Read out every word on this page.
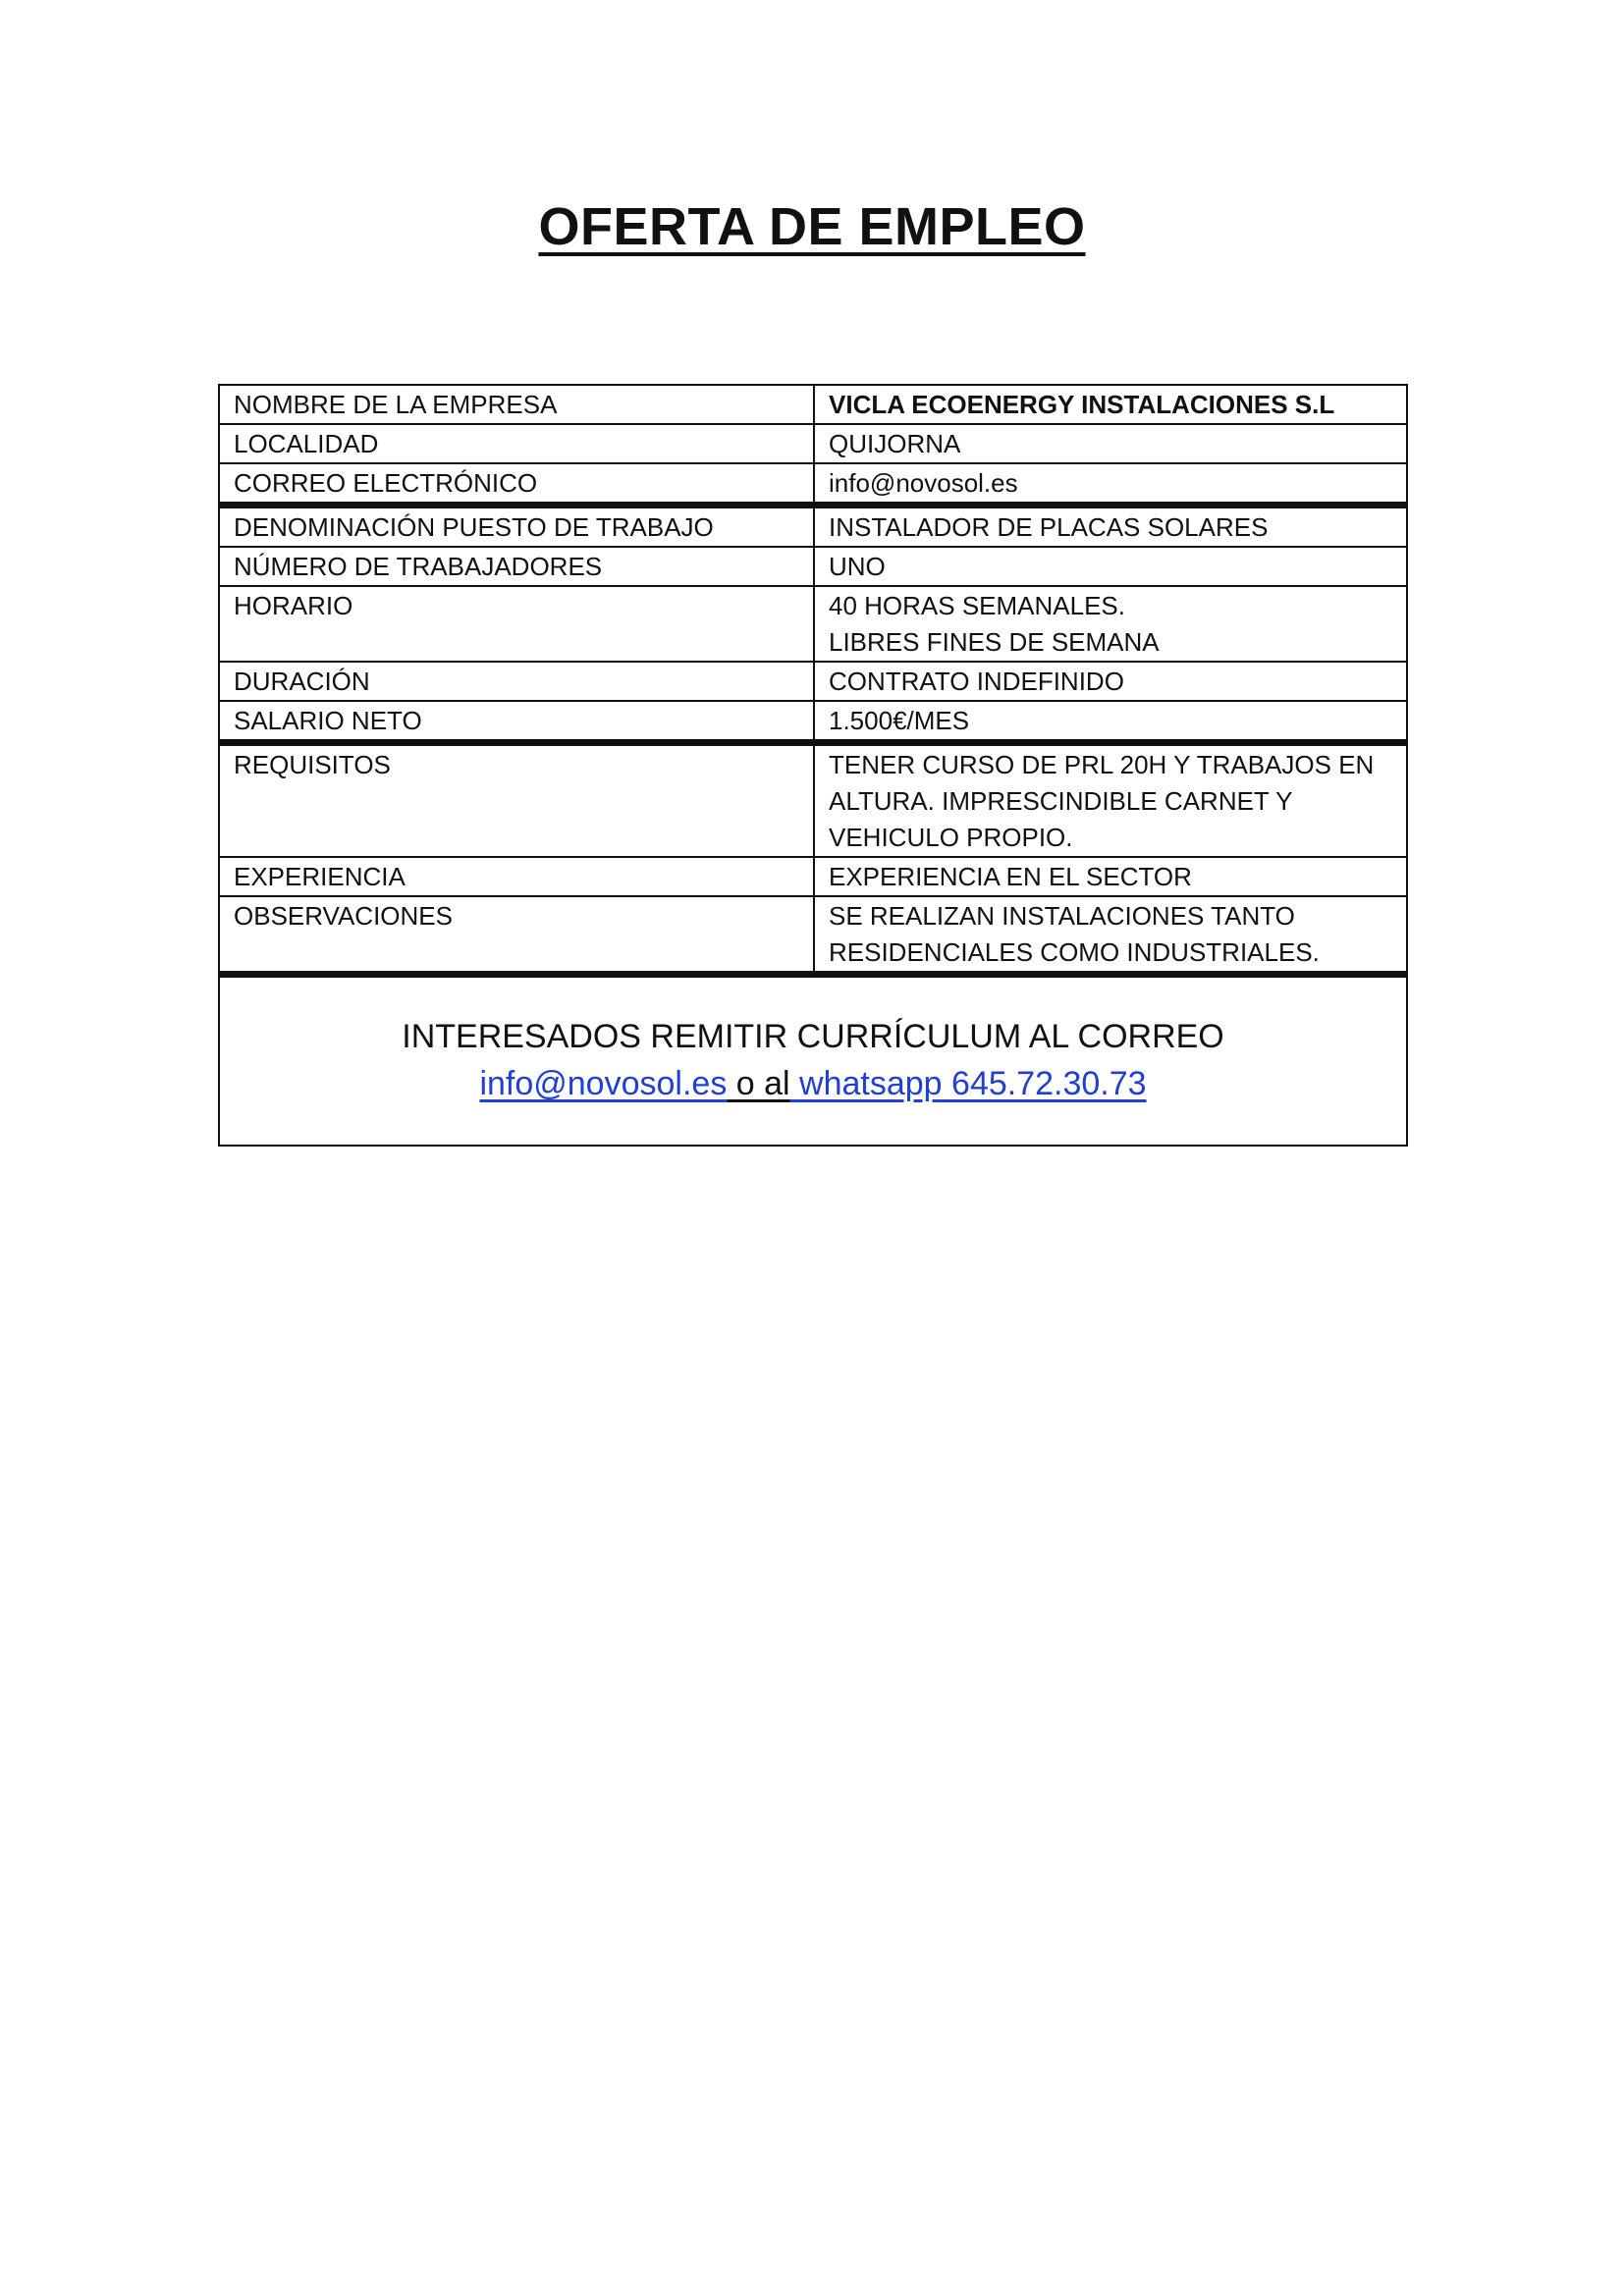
OFERTA DE EMPLEO
NOMBRE DE LA EMPRESA	VICLA ECOENERGY INSTALACIONES S.L
LOCALIDAD	QUIJORNA
CORREO ELECTRÓNICO	info@novosol.es
DENOMINACIÓN PUESTO DE TRABAJO	INSTALADOR DE PLACAS SOLARES
NÚMERO DE TRABAJADORES	UNO
HORARIO	40 HORAS SEMANALES.
LIBRES FINES DE SEMANA

DURACIÓN	CONTRATO INDEFINIDO
SALARIO NETO	1.500€/MES
REQUISITOS	TENER CURSO DE PRL 20H Y TRABAJOS EN
ALTURA. IMPRESCINDIBLE CARNET Y
VEHICULO PROPIO.

EXPERIENCIA	EXPERIENCIA EN EL SECTOR
OBSERVACIONES	SE REALIZAN INSTALACIONES TANTO
RESIDENCIALES COMO INDUSTRIALES.

INTERESADOS REMITIR CURRÍCULUM AL CORREO
info@novosol.es o al whatsapp 645.72.30.73	
